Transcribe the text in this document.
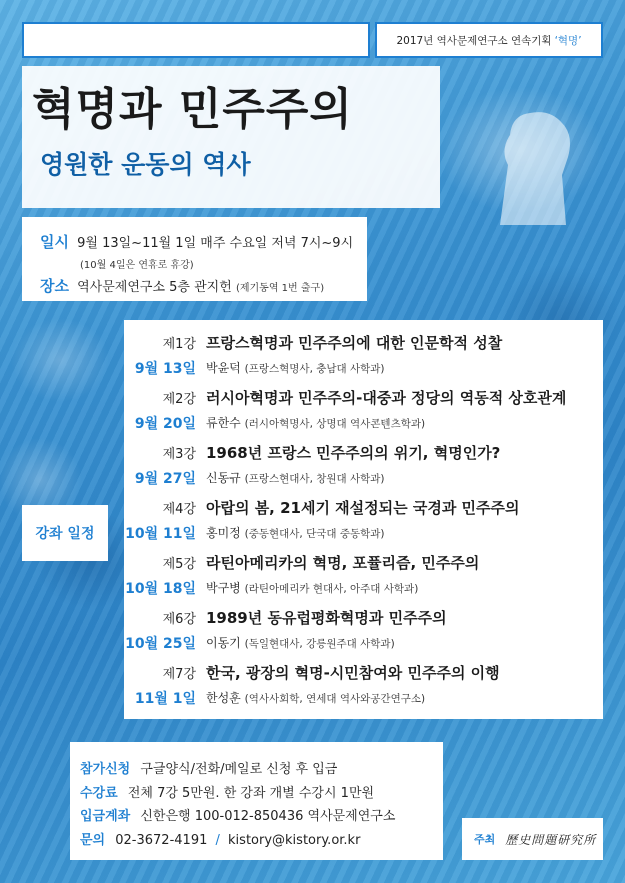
2017년 역사문제연구소 연속기획 ‘혁명’
혁명과 민주주의
영원한 운동의 역사
일시 9월 13일~11월 1일 매주 수요일 저녁 7시~9시
(10월 4일은 연휴로 휴강)
장소 역사문제연구소 5층 관지헌 (제기동역 1번 출구)
강좌 일정
제1강
9월 13일
프랑스혁명과 민주주의에 대한 인문학적 성찰
박윤덕 (프랑스혁명사, 충남대 사학과)
제2강
9월 20일
러시아혁명과 민주주의-대중과 정당의 역동적 상호관계
류한수 (러시아혁명사, 상명대 역사콘텐츠학과)
제3강
9월 27일
1968년 프랑스 민주주의의 위기, 혁명인가?
신동규 (프랑스현대사, 창원대 사학과)
제4강
10월 11일
아랍의 봄, 21세기 재설정되는 국경과 민주주의
홍미정 (중동현대사, 단국대 중동학과)
제5강
10월 18일
라틴아메리카의 혁명, 포퓰리즘, 민주주의
박구병 (라틴아메리카 현대사, 아주대 사학과)
제6강
10월 25일
1989년 동유럽평화혁명과 민주주의
이동기 (독일현대사, 강릉원주대 사학과)
제7강
11월 1일
한국, 광장의 혁명-시민참여와 민주주의 이행
한성훈 (역사사회학, 연세대 역사와공간연구소)
참가신청 구글양식/전화/메일로 신청 후 입금
수강료 전체 7강 5만원. 한 강좌 개별 수강시 1만원
입금계좌 신한은행 100-012-850436 역사문제연구소
문의 02-3672-4191 / kistory@kistory.or.kr	주최 歷史問題研究所
